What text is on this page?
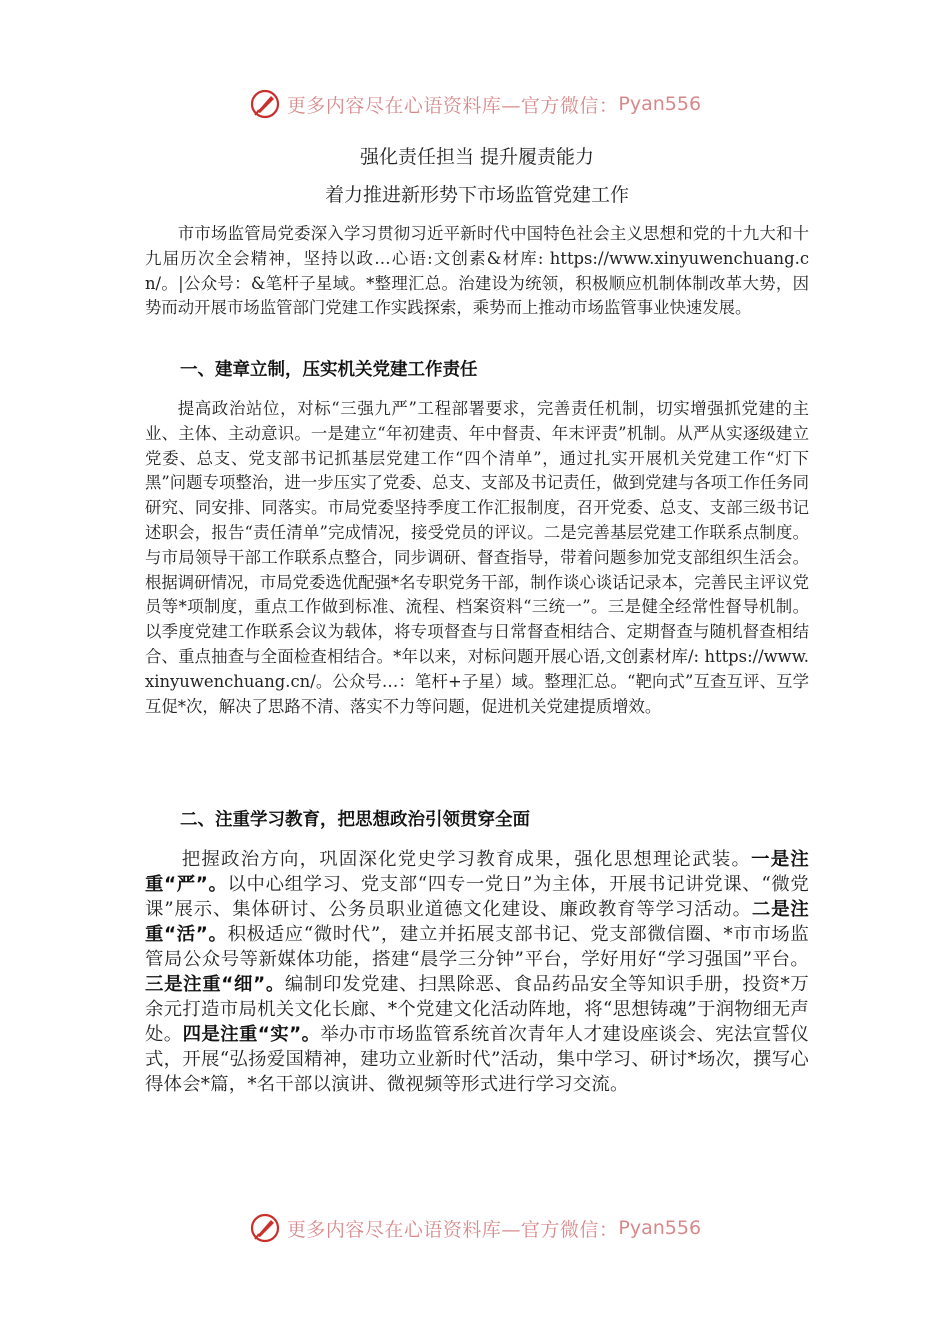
更多内容尽在心语资料库—官方微信： Pyan556
强化责任担当 提升履责能力
着力推进新形势下市场监管党建工作
市市场监管局党委深入学习贯彻习近平新时代中国特色社会主义思想和党的十九大和十九届历次全会精神，坚持以政…心语:文创素&材库: https://www.xinyuwenchuang.cn/。|公众号：&笔杆子星域。*整理汇总。治建设为统领，积极顺应机制体制改革大势，因势而动开展市场监管部门党建工作实践探索，乘势而上推动市场监管事业快速发展。
一、建章立制，压实机关党建工作责任
提高政治站位，对标“三强九严”工程部署要求，完善责任机制，切实增强抓党建的主业、主体、主动意识。一是建立“年初建责、年中督责、年末评责”机制。从严从实逐级建立党委、总支、党支部书记抓基层党建工作“四个清单”，通过扎实开展机关党建工作“灯下黑”问题专项整治，进一步压实了党委、总支、支部及书记责任，做到党建与各项工作任务同研究、同安排、同落实。市局党委坚持季度工作汇报制度，召开党委、总支、支部三级书记述职会，报告“责任清单”完成情况，接受党员的评议。二是完善基层党建工作联系点制度。与市局领导干部工作联系点整合，同步调研、督查指导，带着问题参加党支部组织生活会。根据调研情况，市局党委选优配强*名专职党务干部，制作谈心谈话记录本，完善民主评议党员等*项制度，重点工作做到标准、流程、档案资料“三统一”。三是健全经常性督导机制。以季度党建工作联系会议为载体，将专项督查与日常督查相结合、定期督查与随机督查相结合、重点抽查与全面检查相结合。*年以来，对标问题开展心语,文创素材库/: https://www.xinyuwenchuang.cn/。公众号…：笔杆+子星）域。整理汇总。“靶向式”互查互评、互学互促*次，解决了思路不清、落实不力等问题，促进机关党建提质增效。
二、注重学习教育，把思想政治引领贯穿全面
把握政治方向，巩固深化党史学习教育成果，强化思想理论武装。一是注重“严”。以中心组学习、党支部“四专一党日”为主体，开展书记讲党课、“微党课”展示、集体研讨、公务员职业道德文化建设、廉政教育等学习活动。二是注重“活”。积极适应“微时代”，建立并拓展支部书记、党支部微信圈、*市市场监管局公众号等新媒体功能，搭建“晨学三分钟”平台，学好用好“学习强国”平台。三是注重“细”。编制印发党建、扫黑除恶、食品药品安全等知识手册，投资*万余元打造市局机关文化长廊、*个党建文化活动阵地，将“思想铸魂”于润物细无声处。四是注重“实”。举办市市场监管系统首次青年人才建设座谈会、宪法宣誓仪式，开展“弘扬爱国精神，建功立业新时代”活动，集中学习、研讨*场次，撰写心得体会*篇，*名干部以演讲、微视频等形式进行学习交流。
更多内容尽在心语资料库—官方微信： Pyan556
